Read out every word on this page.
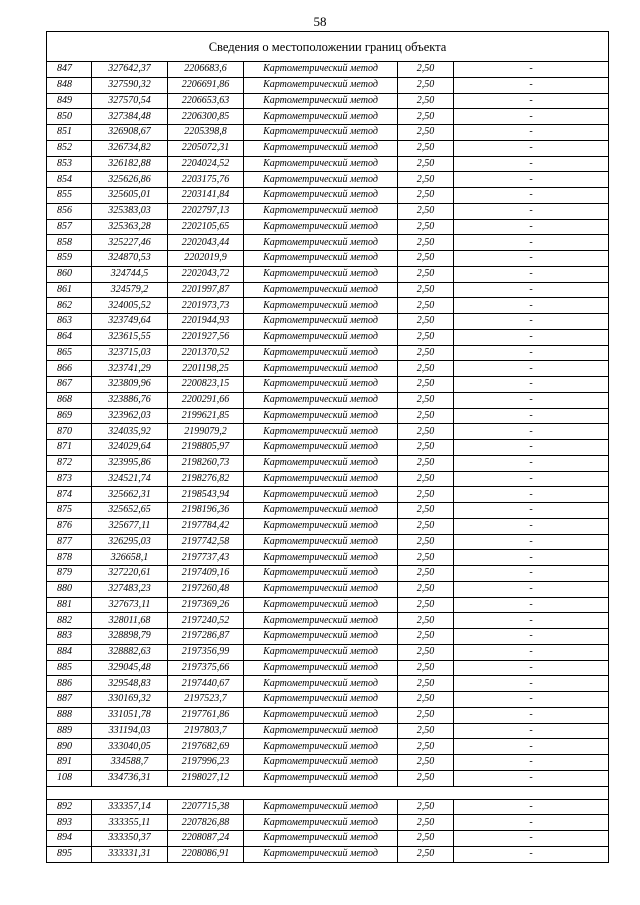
58
Сведения о местоположении границ объекта					
847	327642,37	2206683,6	Картометрический метод	2,50	-
848	327590,32	2206691,86	Картометрический метод	2,50	-
849	327570,54	2206653,63	Картометрический метод	2,50	-
850	327384,48	2206300,85	Картометрический метод	2,50	-
851	326908,67	2205398,8	Картометрический метод	2,50	-
852	326734,82	2205072,31	Картометрический метод	2,50	-
853	326182,88	2204024,52	Картометрический метод	2,50	-
854	325626,86	2203175,76	Картометрический метод	2,50	-
855	325605,01	2203141,84	Картометрический метод	2,50	-
856	325383,03	2202797,13	Картометрический метод	2,50	-
857	325363,28	2202105,65	Картометрический метод	2,50	-
858	325227,46	2202043,44	Картометрический метод	2,50	-
859	324870,53	2202019,9	Картометрический метод	2,50	-
860	324744,5	2202043,72	Картометрический метод	2,50	-
861	324579,2	2201997,87	Картометрический метод	2,50	-
862	324005,52	2201973,73	Картометрический метод	2,50	-
863	323749,64	2201944,93	Картометрический метод	2,50	-
864	323615,55	2201927,56	Картометрический метод	2,50	-
865	323715,03	2201370,52	Картометрический метод	2,50	-
866	323741,29	2201198,25	Картометрический метод	2,50	-
867	323809,96	2200823,15	Картометрический метод	2,50	-
868	323886,76	2200291,66	Картометрический метод	2,50	-
869	323962,03	2199621,85	Картометрический метод	2,50	-
870	324035,92	2199079,2	Картометрический метод	2,50	-
871	324029,64	2198805,97	Картометрический метод	2,50	-
872	323995,86	2198260,73	Картометрический метод	2,50	-
873	324521,74	2198276,82	Картометрический метод	2,50	-
874	325662,31	2198543,94	Картометрический метод	2,50	-
875	325652,65	2198196,36	Картометрический метод	2,50	-
876	325677,11	2197784,42	Картометрический метод	2,50	-
877	326295,03	2197742,58	Картометрический метод	2,50	-
878	326658,1	2197737,43	Картометрический метод	2,50	-
879	327220,61	2197409,16	Картометрический метод	2,50	-
880	327483,23	2197260,48	Картометрический метод	2,50	-
881	327673,11	2197369,26	Картометрический метод	2,50	-
882	328011,68	2197240,52	Картометрический метод	2,50	-
883	328898,79	2197286,87	Картометрический метод	2,50	-
884	328882,63	2197356,99	Картометрический метод	2,50	-
885	329045,48	2197375,66	Картометрический метод	2,50	-
886	329548,83	2197440,67	Картометрический метод	2,50	-
887	330169,32	2197523,7	Картометрический метод	2,50	-
888	331051,78	2197761,86	Картометрический метод	2,50	-
889	331194,03	2197803,7	Картометрический метод	2,50	-
890	333040,05	2197682,69	Картометрический метод	2,50	-
891	334588,7	2197996,23	Картометрический метод	2,50	-
108	334736,31	2198027,12	Картометрический метод	2,50	-

892	333357,14	2207715,38	Картометрический метод	2,50	-
893	333355,11	2207826,88	Картометрический метод	2,50	-
894	333350,37	2208087,24	Картометрический метод	2,50	-
895	333331,31	2208086,91	Картометрический метод	2,50	-
